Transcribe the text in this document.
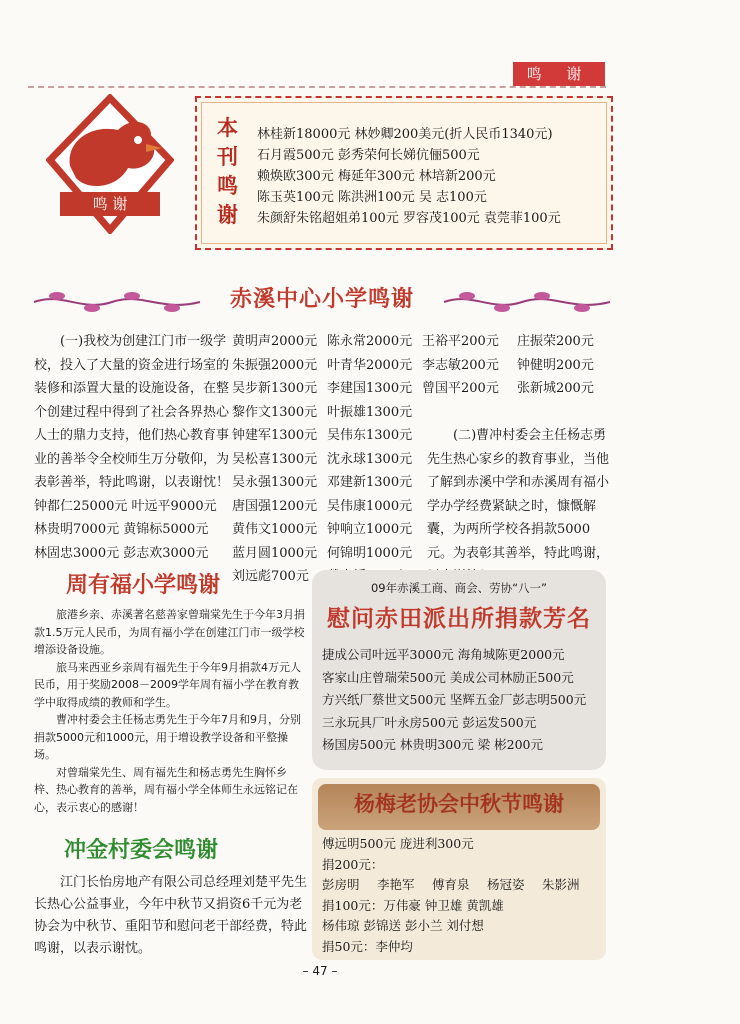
鸣 谢
鸣 谢
本
刊
鸣
谢
林桂新18000元 林妙卿200美元(折人民币1340元)
石月霞500元 彭秀荣何长娣伉俪500元
赖焕欧300元 梅延年300元 林培新200元
陈玉英100元 陈洪洲100元 吴 志100元
朱颜舒朱铭超姐弟100元 罗容茂100元 袁莞菲100元
赤溪中心小学鸣谢

(一)我校为创建江门市一级学校，投入了大量的资金进行场室的装修和添置大量的设施设备，在整个创建过程中得到了社会各界热心人士的鼎力支持，他们热心教育事业的善举令全校师生万分敬仰，为表彰善举，特此鸣谢，以表谢忱！

钟都仁25000元 叶远平9000元
林贵明7000元 黄锦标5000元
林固忠3000元 彭志欢3000元
黄明声2000元 陈永常2000元 王裕平200元 庄振荣200元
朱振强2000元 叶青华2000元 李志敏200元 钟健明200元
吴步新1300元 李建国1300元 曾国平200元 张新城200元
黎作文1300元 叶振雄1300元
钟建军1300元 吴伟东1300元
吴松喜1300元 沈永球1300元
吴永强1300元 邓建新1300元
唐国强1200元 吴伟康1000元
黄伟文1000元 钟响立1000元
蓝月圆1000元 何锦明1000元
刘远彪700元

(二)曹冲村委会主任杨志勇先生热心家乡的教育事业，当他了解到赤溪中学和赤溪周有福小学办学经费紧缺之时，慷慨解囊，为两所学校各捐款5000元。为表彰其善举，特此鸣谢，

周有福小学鸣谢

旅港乡亲、赤溪著名慈善家曾瑞棠先生于今年3月捐款1.5万元人民币，为周有福小学在创建江门市一级学校增添设备设施。

旅马来西亚乡亲周有福先生于今年9月捐款4万元人民币，用于奖励2008－2009学年周有福小学在教育教学中取得成绩的教师和学生。

曹冲村委会主任杨志勇先生于今年7月和9月，分别捐款5000元和1000元，用于增设教学设备和平整操场。

对曾瑞棠先生、周有福先生和杨志勇先生胸怀乡梓、热心教育的善举，周有福小学全体师生永远铭记在心，表示衷心的感谢！

冲金村委会鸣谢

江门长怡房地产有限公司总经理刘楚平先生长热心公益事业，今年中秋节又捐资6千元为老协会为中秋节、重阳节和慰问老干部经费，特此鸣谢，以表示谢忱。

09年赤溪工商、商会、劳协“八一”
慰问赤田派出所捐款芳名
捷成公司叶远平3000元 海角城陈更2000元
客家山庄曾瑞荣500元 美成公司林励正500元
方兴纸厂蔡世文500元 坚辉五金厂彭志明500元
三永玩具厂叶永房500元 彭运发500元
杨国房500元 林贵明300元 梁 彬200元
杨梅老协会中秋节鸣谢
傅远明500元 庞进利300元
捐200元：
彭房明 李艳军 傅育泉 杨冠姿 朱影洲
捐100元：万伟豪 钟卫雄 黄凯雄
杨伟琼 彭锦送 彭小兰 刘付想
捐50元：李仲均
– 47 –
